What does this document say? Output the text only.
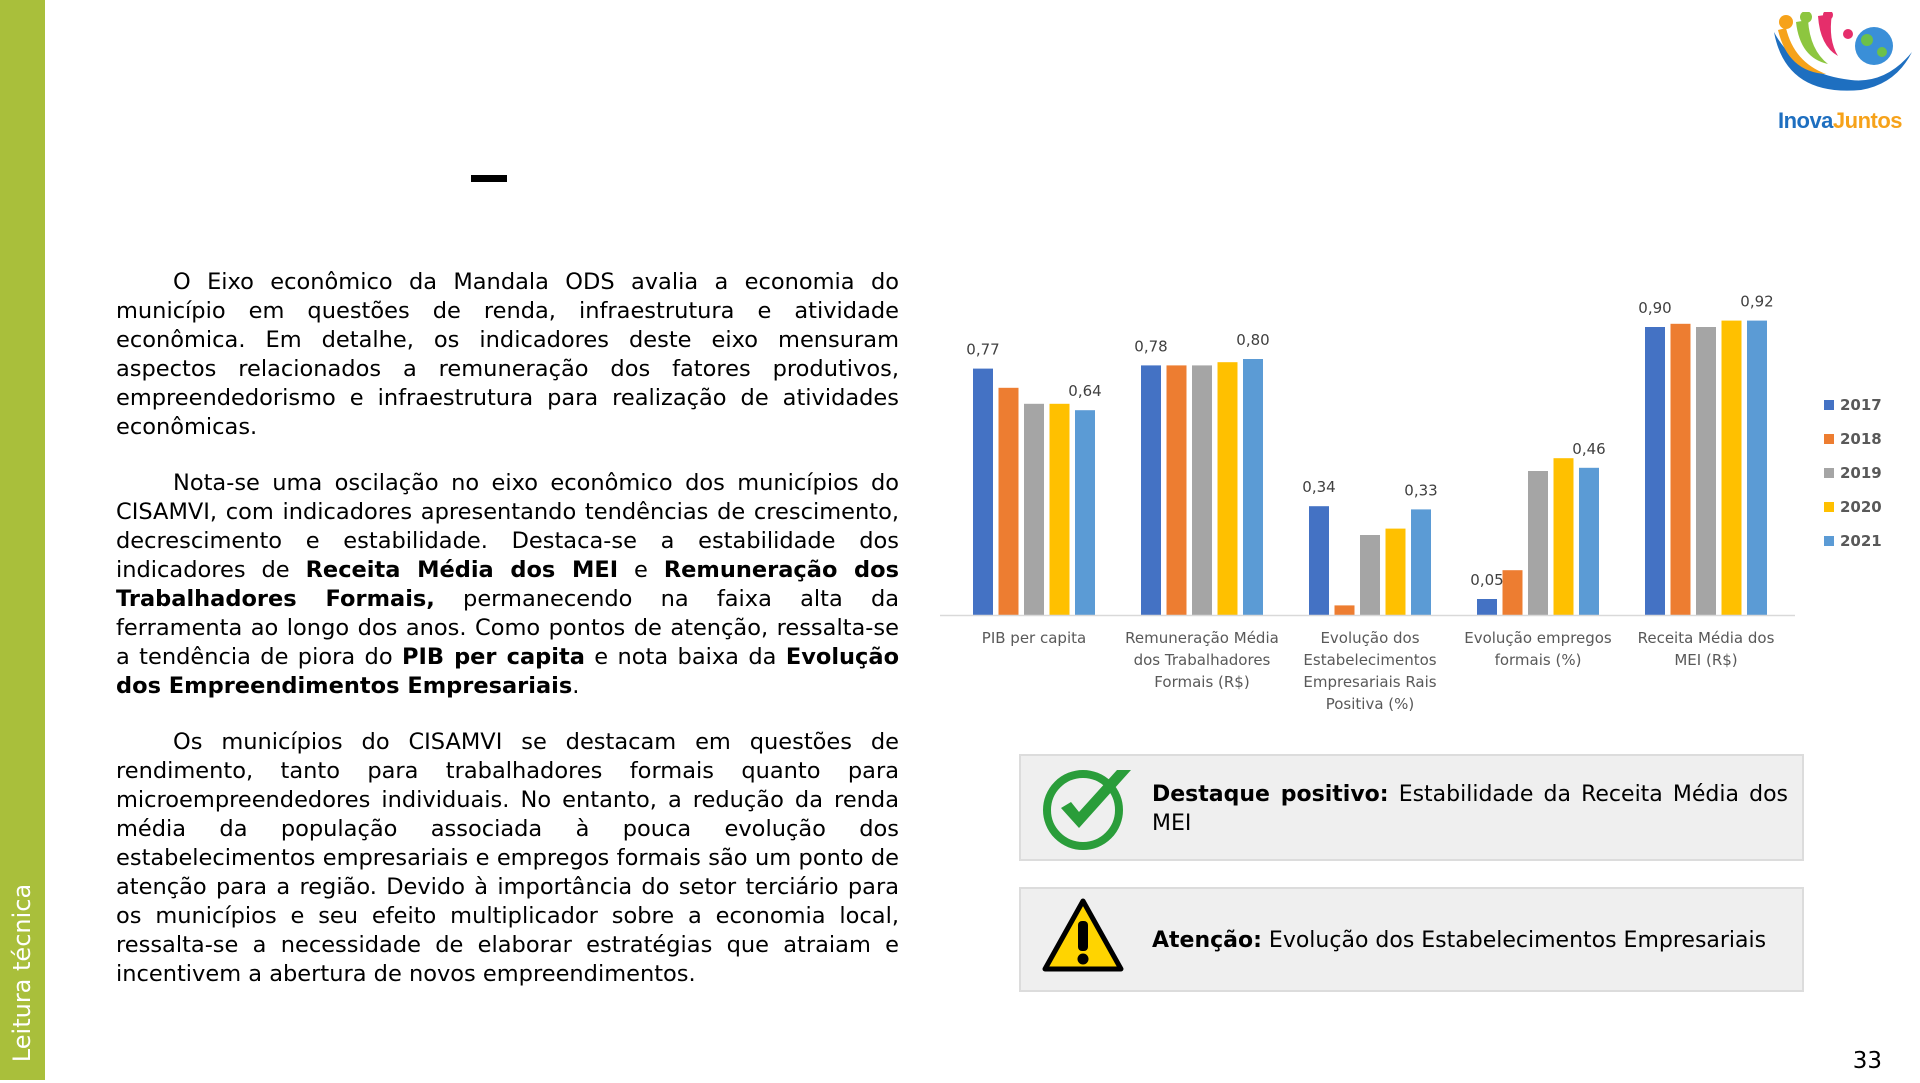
Leitura técnica
InovaJuntos

O Eixo econômico da Mandala ODS avalia a economia do município em questões de renda, infraestrutura e atividade econômica. Em detalhe, os indicadores deste eixo mensuram aspectos relacionados a remuneração dos fatores produtivos, empreendedorismo e infraestrutura para realização de atividades econômicas.

Nota-se uma oscilação no eixo econômico dos municípios do CISAMVI, com indicadores apresentando tendências de crescimento, decrescimento e estabilidade. Destaca-se a estabilidade dos indicadores de Receita Média dos MEI e Remuneração dos Trabalhadores Formais, permanecendo na faixa alta da ferramenta ao longo dos anos. Como pontos de atenção, ressalta-se a tendência de piora do PIB per capita e nota baixa da Evolução dos Empreendimentos Empresariais.

Os municípios do CISAMVI se destacam em questões de rendimento, tanto para trabalhadores formais quanto para microempreendedores individuais. No entanto, a redução da renda média da população associada à pouca evolução dos estabelecimentos empresariais e empregos formais são um ponto de atenção para a região. Devido à importância do setor terciário para os municípios e seu efeito multiplicador sobre a economia local, ressalta-se a necessidade de elaborar estratégias que atraiam e incentivem a abertura de novos empreendimentos.

PIB per capita	Remuneração Média
dos Trabalhadores
Formais (R$)
Evolução dos
Estabelecimentos
Empresariais Rais
Positiva (%)
Evolução empregos
formais (%)
Receita Média dos
MEI (R$)
0,77
0,64
0,78	0,80
0,34	0,33
0,05
0,46
0,90	0,92
2017
2018
2019
2020
2021
Destaque positivo: Estabilidade da Receita Média dos MEI
Atenção: Evolução dos Estabelecimentos Empresariais
33
